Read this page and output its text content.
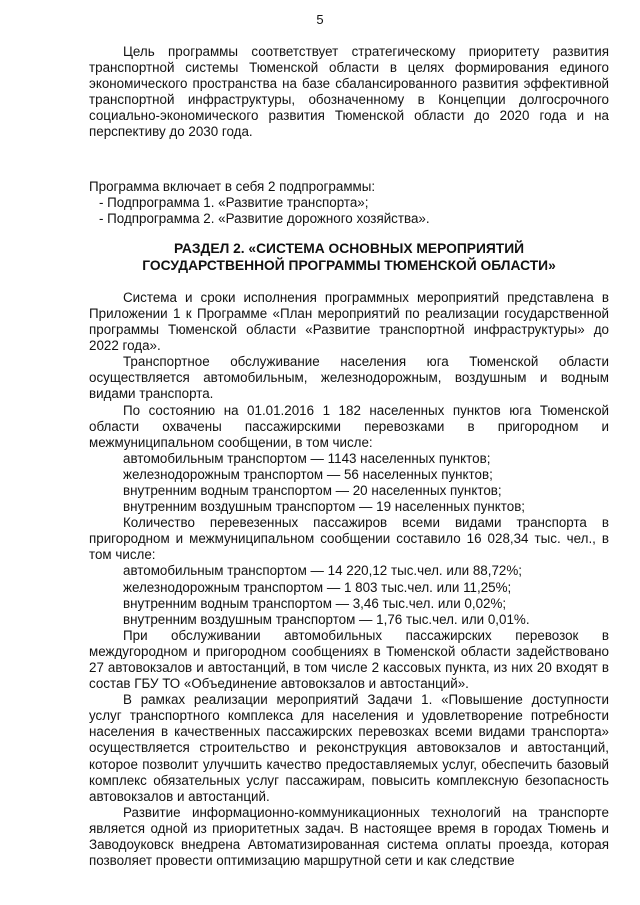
5

Цель программы соответствует стратегическому приоритету развития транспортной системы Тюменской области в целях формирования единого экономического пространства на базе сбалансированного развития эффективной транспортной инфраструктуры, обозначенному в Концепции долгосрочного социально-экономического развития Тюменской области до 2020 года и на перспективу до 2030 года.

Программа включает в себя 2 подпрограммы:

- Подпрограмма 1. «Развитие транспорта»;
- Подпрограмма 2. «Развитие дорожного хозяйства».
РАЗДЕЛ 2. «СИСТЕМА ОСНОВНЫХ МЕРОПРИЯТИЙ
ГОСУДАРСТВЕННОЙ ПРОГРАММЫ ТЮМЕНСКОЙ ОБЛАСТИ»

Система и сроки исполнения программных мероприятий представлена в Приложении 1 к Программе «План мероприятий по реализации государственной программы Тюменской области «Развитие транспортной инфраструктуры» до 2022 года».

Транспортное обслуживание населения юга Тюменской области осуществляется автомобильным, железнодорожным, воздушным и водным видами транспорта.

По состоянию на 01.01.2016 1 182 населенных пунктов юга Тюменской области охвачены пассажирскими перевозками в пригородном и межмуниципальном сообщении, в том числе:

автомобильным транспортом — 1143 населенных пунктов;
железнодорожным транспортом — 56 населенных пунктов;
внутренним водным транспортом — 20 населенных пунктов;
внутренним воздушным транспортом — 19 населенных пунктов;

Количество перевезенных пассажиров всеми видами транспорта в пригородном и межмуниципальном сообщении составило 16 028,34 тыс. чел., в том числе:

автомобильным транспортом — 14 220,12 тыс.чел. или 88,72%;
железнодорожным транспортом — 1 803 тыс.чел. или 11,25%;
внутренним водным транспортом — 3,46 тыс.чел. или 0,02%;
внутренним воздушным транспортом — 1,76 тыс.чел. или 0,01%.

При обслуживании автомобильных пассажирских перевозок в междугородном и пригородном сообщениях в Тюменской области задействовано 27 автовокзалов и автостанций, в том числе 2 кассовых пункта, из них 20 входят в состав ГБУ ТО «Объединение автовокзалов и автостанций».

В рамках реализации мероприятий Задачи 1. «Повышение доступности услуг транспортного комплекса для населения и удовлетворение потребности населения в качественных пассажирских перевозках всеми видами транспорта» осуществляется строительство и реконструкция автовокзалов и автостанций, которое позволит улучшить качество предоставляемых услуг, обеспечить базовый комплекс обязательных услуг пассажирам, повысить комплексную безопасность автовокзалов и автостанций.

Развитие информационно-коммуникационных технологий на транспорте является одной из приоритетных задач. В настоящее время в городах Тюмень и Заводоуковск внедрена Автоматизированная система оплаты проезда, которая позволяет провести оптимизацию маршрутной сети и как следствие
